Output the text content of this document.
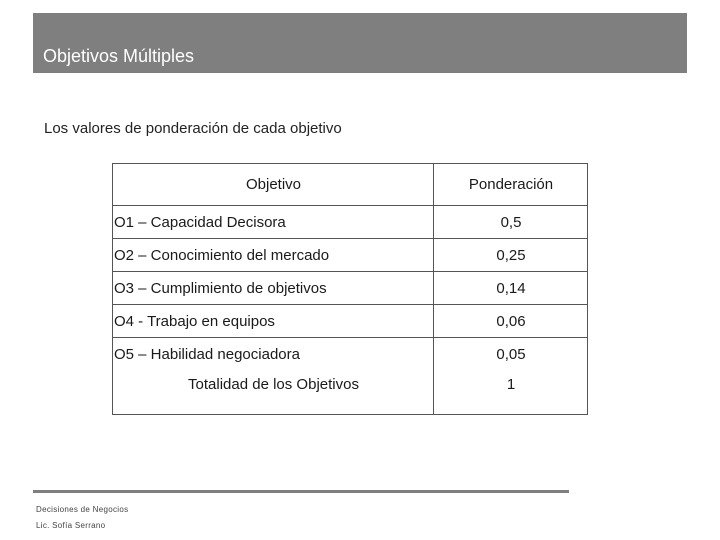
Objetivos Múltiples
Los valores de ponderación de cada objetivo
Objetivo	Ponderación
O1 – Capacidad Decisora	0,5
O2 – Conocimiento del mercado	0,25
O3 – Cumplimiento de objetivos	0,14
O4 - Trabajo en equipos	0,06
O5 – Habilidad negociadora	0,05
Totalidad de los Objetivos	1
Decisiones de Negocios
Lic. Sofía Serrano
